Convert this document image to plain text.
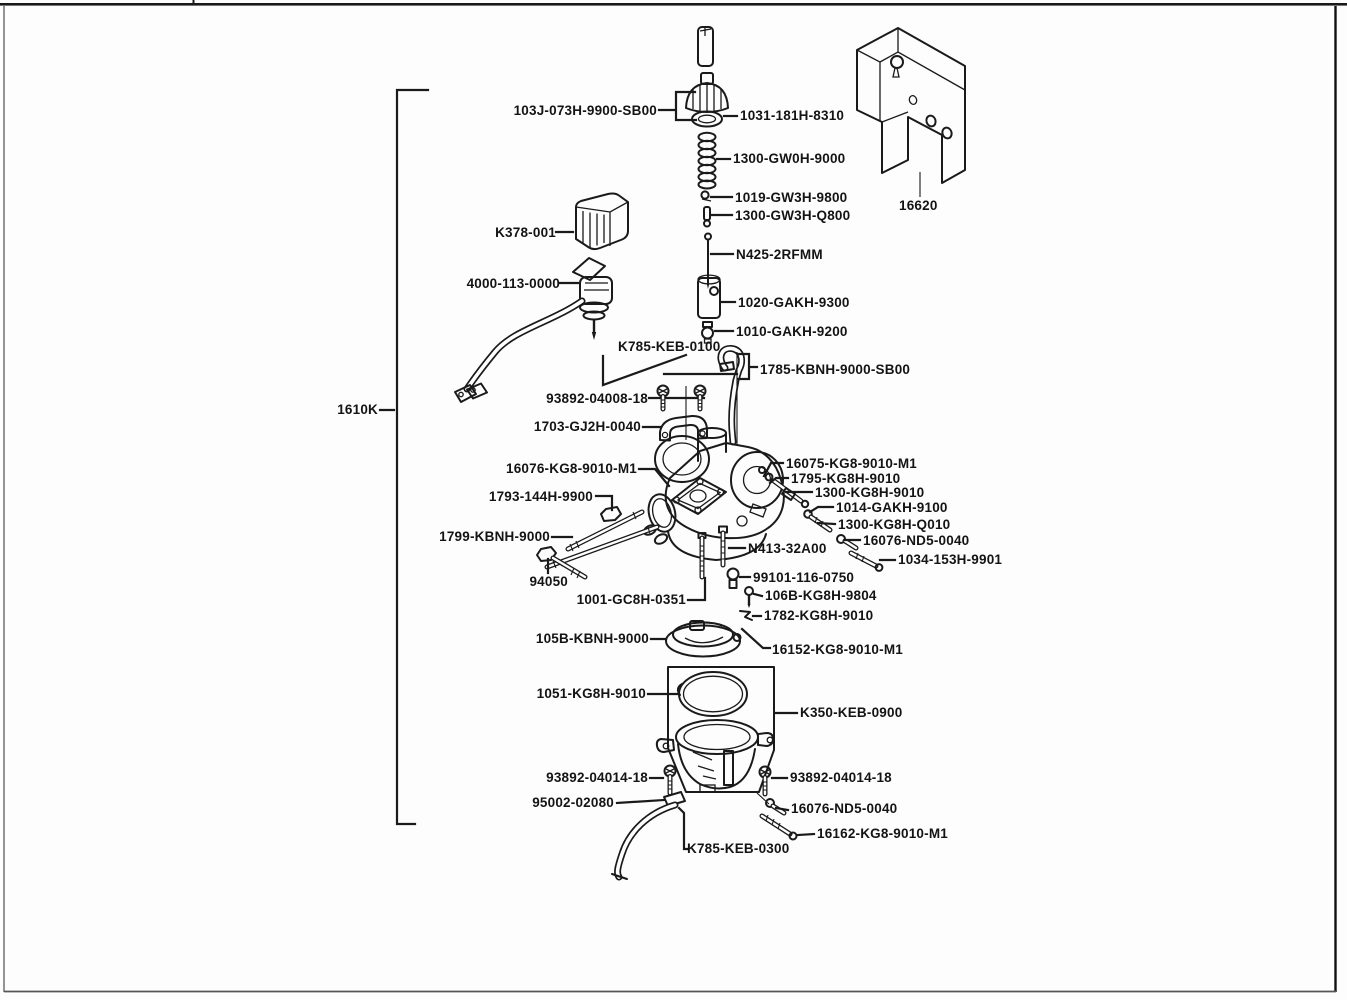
103J-073H-9900-SB00	1031-181H-8310
1300-GW0H-9000
1019-GW3H-9800
1300-GW3H-Q800
K378-001
N425-2RFMM
4000-113-0000
1020-GAKH-9300
1010-GAKH-9200
K785-KEB-0100
1785-KBNH-9000-SB00
93892-04008-18
1703-GJ2H-0040
1610K
16620
16076-KG8-9010-M1
1793-144H-9900
16075-KG8-9010-M1
1795-KG8H-9010
1300-KG8H-9010
1014-GAKH-9100
1300-KG8H-Q010
16076-ND5-0040
1034-153H-9901
1799-KBNH-9000
N413-32A00
94050	99101-116-0750
106B-KG8H-9804
1782-KG8H-9010
1001-GC8H-0351
105B-KBNH-9000
16152-KG8-9010-M1
1051-KG8H-9010
K350-KEB-0900
93892-04014-18	93892-04014-18
95002-02080	16076-ND5-0040
16162-KG8-9010-M1
K785-KEB-0300
